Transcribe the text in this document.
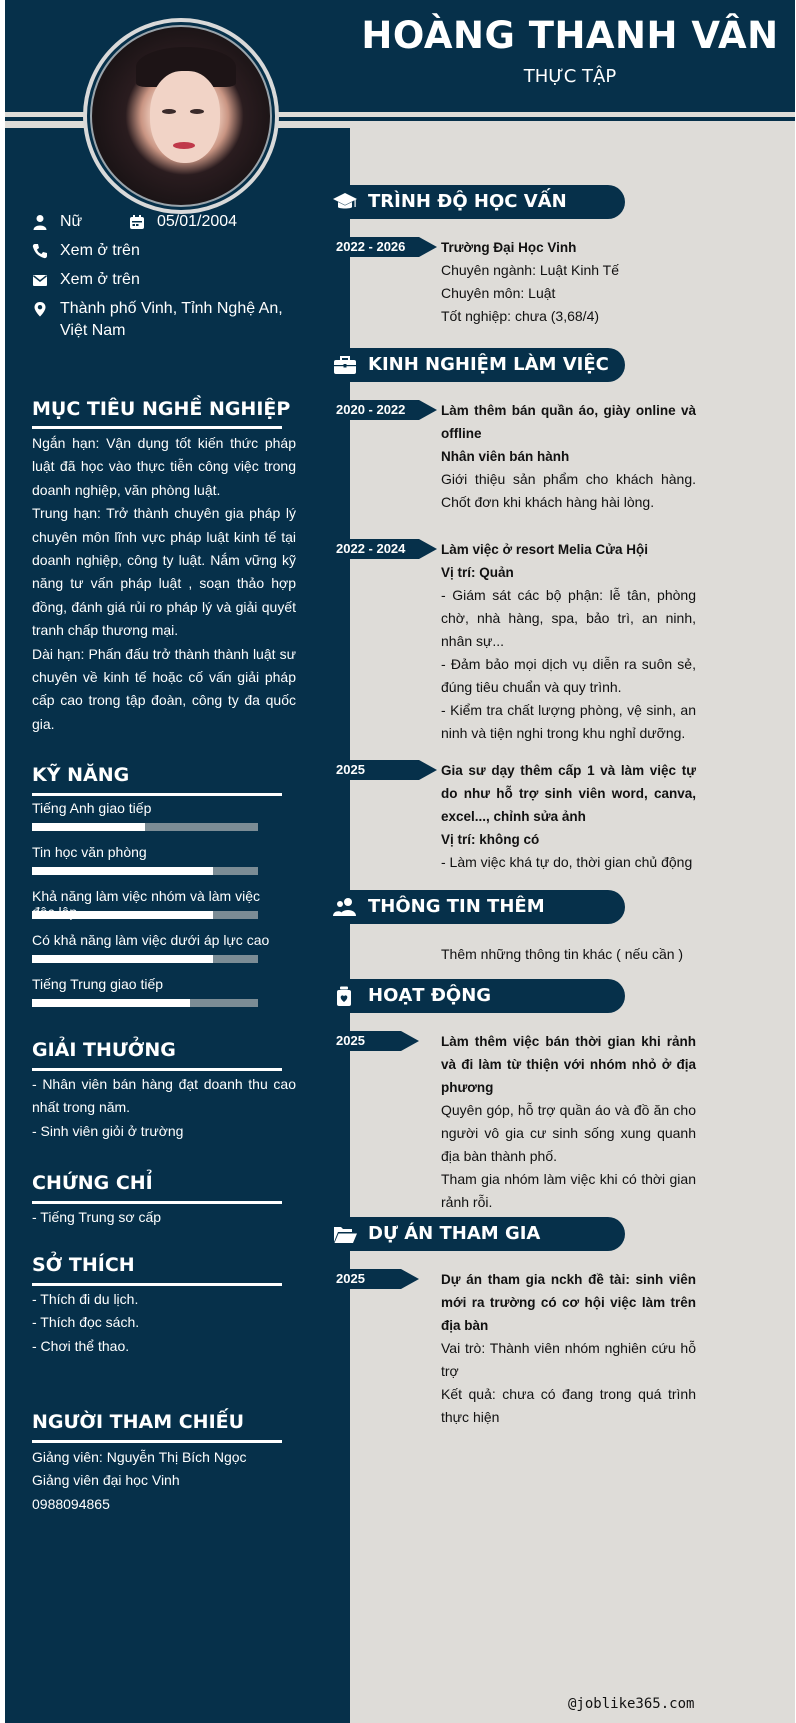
HOÀNG THANH VÂN
THỰC TẬP
Nữ	05/01/2004
Xem ở trên
Xem ở trên
Thành phố Vinh, Tỉnh Nghệ An, Việt Nam
MỤC TIÊU NGHỀ NGHIỆP

Ngắn hạn: Vận dụng tốt kiến thức pháp luật đã học vào thực tiễn công việc trong doanh nghiệp, văn phòng luật.

Trung hạn: Trở thành chuyên gia pháp lý chuyên môn lĩnh vực pháp luật kinh tế tại doanh nghiệp, công ty luật. Nắm vững kỹ năng tư vấn pháp luật , soạn thảo hợp đồng, đánh giá rủi ro pháp lý và giải quyết tranh chấp thương mại.

Dài hạn: Phấn đấu trở thành thành luật sư chuyên về kinh tế hoặc cố vấn giải pháp cấp cao trong tập đoàn, công ty đa quốc gia.

KỸ NĂNG
Tiếng Anh giao tiếp
Tin học văn phòng
Khả năng làm việc nhóm và làm việc
Có khả năng làm việc dưới áp lực cao
Tiếng Trung giao tiếp
GIẢI THƯỞNG

- Nhân viên bán hàng đạt doanh thu cao nhất trong năm.

- Sinh viên giỏi ở trường

CHỨNG CHỈ

- Tiếng Trung sơ cấp

SỞ THÍCH

- Thích đi du lịch.

- Thích đọc sách.

- Chơi thể thao.

NGƯỜI THAM CHIẾU

Giảng viên: Nguyễn Thị Bích Ngọc

Giảng viên đại học Vinh

0988094865

TRÌNH ĐỘ HỌC VẤN
2022 - 2026	Trường Đại Học Vinh
Chuyên ngành: Luật Kinh Tế
Chuyên môn: Luật
Tốt nghiệp: chưa (3,68/4)
KINH NGHIỆM LÀM VIỆC
2020 - 2022	Làm thêm bán quần áo, giày online và offline
Nhân viên bán hành
Giới thiệu sản phẩm cho khách hàng. Chốt đơn khi khách hàng hài lòng.
2022 - 2024	Làm việc ở resort Melia Cửa Hội
Vị trí: Quản
- Giám sát các bộ phận: lễ tân, phòng chờ, nhà hàng, spa, bảo trì, an ninh, nhân sự...
- Đảm bảo mọi dịch vụ diễn ra suôn sẻ, đúng tiêu chuẩn và quy trình.
- Kiểm tra chất lượng phòng, vệ sinh, an ninh và tiện nghi trong khu nghỉ dưỡng.
2025	Gia sư dạy thêm cấp 1 và làm việc tự do như hỗ trợ sinh viên word, canva, excel..., chỉnh sửa ảnh
Vị trí: không có
- Làm việc khá tự do, thời gian chủ động
THÔNG TIN THÊM
Thêm những thông tin khác ( nếu cần )
HOẠT ĐỘNG
2025	Làm thêm việc bán thời gian khi rảnh và đi làm từ thiện với nhóm nhỏ ở địa phương
Quyên góp, hỗ trợ quần áo và đồ ăn cho người vô gia cư sinh sống xung quanh địa bàn thành phố.
Tham gia nhóm làm việc khi có thời gian rảnh rỗi.
DỰ ÁN THAM GIA
2025	Dự án tham gia nckh đề tài: sinh viên mới ra trường có cơ hội việc làm trên địa bàn
Vai trò: Thành viên nhóm nghiên cứu hỗ trợ
Kết quả: chưa có đang trong quá trình thực hiện
@joblike365.com
